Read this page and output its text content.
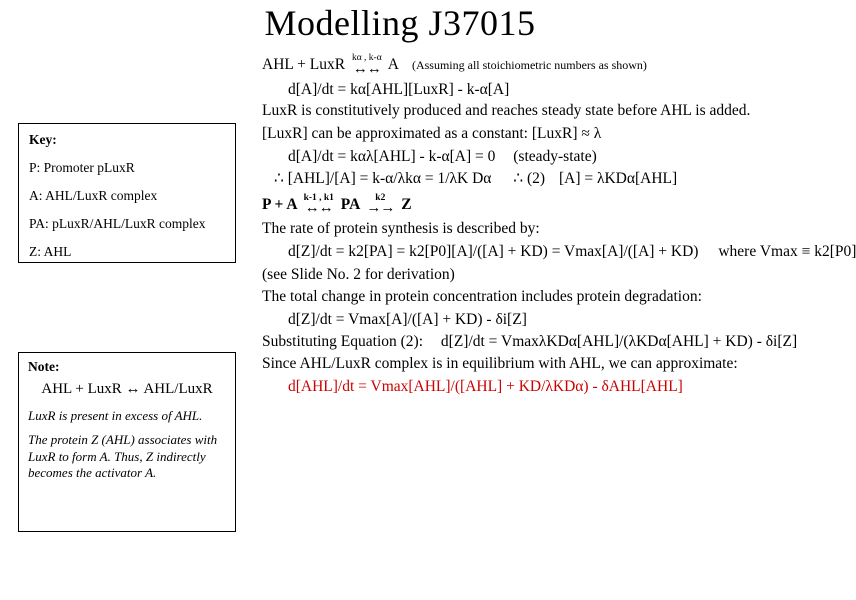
Modelling J37015
Key:
P: Promoter pLuxR
A: AHL/LuxR complex
PA: pLuxR/AHL/LuxR complex
Z: AHL
Note:
AHL + LuxR ↔ AHL/LuxR
LuxR is present in excess of AHL.
The protein Z (AHL) associates with LuxR to form A. Thus, Z indirectly becomes the activator A.
AHL + LuxR kα , k-α
↔↔ A (Assuming all stoichiometric numbers as shown)
d[A]/dt = kα[AHL][LuxR] - k-α[A]
LuxR is constitutively produced and reaches steady state before AHL is added.
[LuxR] can be approximated as a constant: [LuxR] ≈ λ
d[A]/dt = kαλ[AHL] - k-α[A] = 0 (steady-state)
∴ [AHL]/[A] = k-α/λkα = 1/λK Dα ∴ (2) [A] = λKDα[AHL]
P + A k-1 , k1
↔↔ PA	k2
→→ Z
The rate of protein synthesis is described by:
d[Z]/dt = k2[PA] = k2[P0][A]/([A] + KD) = Vmax[A]/([A] + KD) where Vmax ≡ k2[P0]
(see Slide No. 2 for derivation)
The total change in protein concentration includes protein degradation:
d[Z]/dt = Vmax[A]/([A] + KD) - δi[Z]
Substituting Equation (2): d[Z]/dt = VmaxλKDα[AHL]/(λKDα[AHL] + KD) - δi[Z]
Since AHL/LuxR complex is in equilibrium with AHL, we can approximate:
d[AHL]/dt = Vmax[AHL]/([AHL] + KD/λKDα) - δAHL[AHL]
